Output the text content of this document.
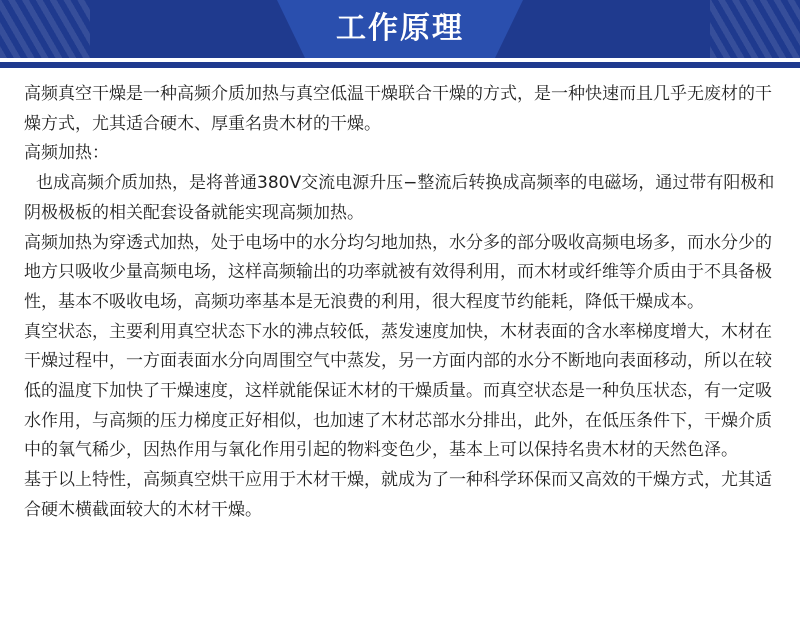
工作原理

高频真空干燥是一种高频介质加热与真空低温干燥联合干燥的方式，是一种快速而且几乎无废材的干燥方式，尤其适合硬木、厚重名贵木材的干燥。

高频加热：

也成高频介质加热，是将普通380V交流电源升压−整流后转换成高频率的电磁场，通过带有阳极和阴极极板的相关配套设备就能实现高频加热。

高频加热为穿透式加热，处于电场中的水分均匀地加热，水分多的部分吸收高频电场多，而水分少的地方只吸收少量高频电场，这样高频输出的功率就被有效得利用，而木材或纤维等介质由于不具备极性，基本不吸收电场，高频功率基本是无浪费的利用，很大程度节约能耗，降低干燥成本。

真空状态，主要利用真空状态下水的沸点较低，蒸发速度加快，木材表面的含水率梯度增大，木材在干燥过程中，一方面表面水分向周围空气中蒸发，另一方面内部的水分不断地向表面移动，所以在较低的温度下加快了干燥速度，这样就能保证木材的干燥质量。而真空状态是一种负压状态，有一定吸水作用，与高频的压力梯度正好相似，也加速了木材芯部水分排出，此外，在低压条件下，干燥介质中的氧气稀少，因热作用与氧化作用引起的物料变色少，基本上可以保持名贵木材的天然色泽。

基于以上特性，高频真空烘干应用于木材干燥，就成为了一种科学环保而又高效的干燥方式，尤其适合硬木横截面较大的木材干燥。
